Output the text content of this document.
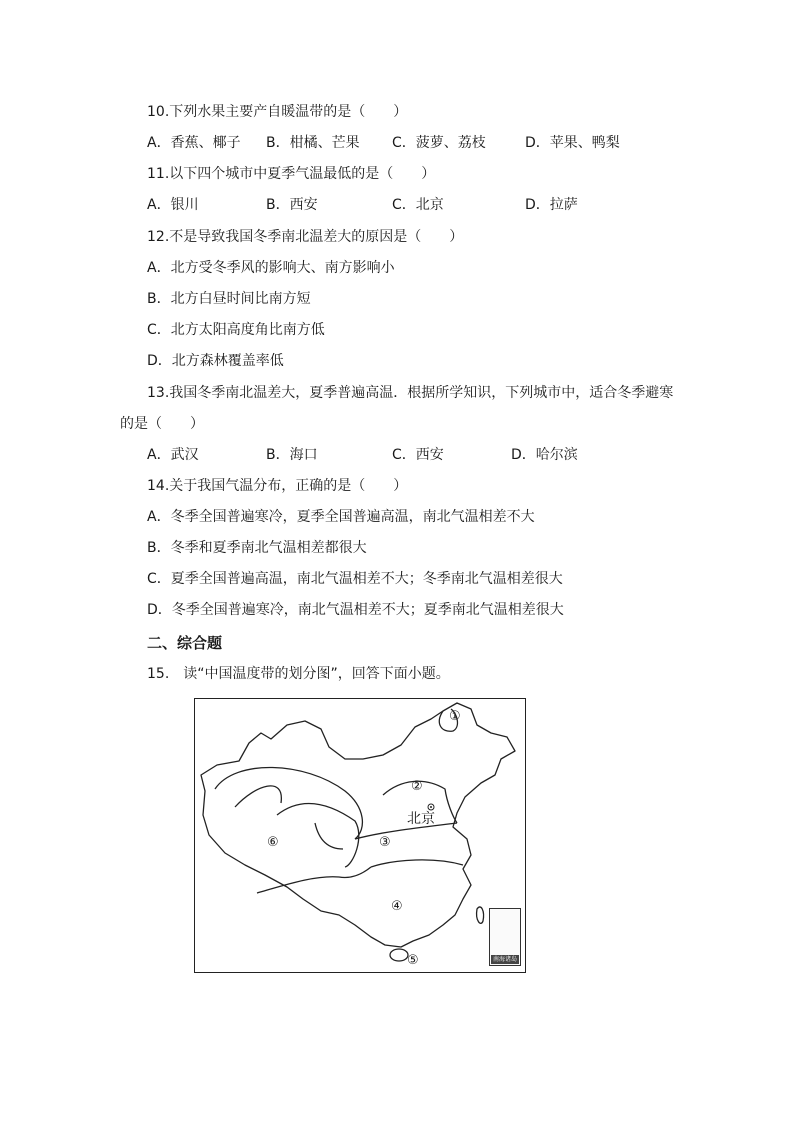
10.下列水果主要产自暖温带的是（　　）
A．香蕉、椰子 B．柑橘、芒果 C．菠萝、荔枝	D．苹果、鸭梨
11.以下四个城市中夏季气温最低的是（　　）
A．银川	B．西安	C．北京	D．拉萨
12.不是导致我国冬季南北温差大的原因是（　　）
A．北方受冬季风的影响大、南方影响小
B．北方白昼时间比南方短
C．北方太阳高度角比南方低
D．北方森林覆盖率低
13.我国冬季南北温差大，夏季普遍高温．根据所学知识，下列城市中，适合冬季避寒
的是（　　）
A．武汉	B．海口	C．西安	D．哈尔滨
14.关于我国气温分布，正确的是（　　）
A．冬季全国普遍寒冷，夏季全国普遍高温，南北气温相差不大
B．冬季和夏季南北气温相差都很大
C．夏季全国普遍高温，南北气温相差不大；冬季南北气温相差很大
D．冬季全国普遍寒冷，南北气温相差不大；夏季南北气温相差很大
二、综合题
15.　读“中国温度带的划分图”，回答下面小题。
①
②
③
④
⑤
⑥
北京
南海诸岛
